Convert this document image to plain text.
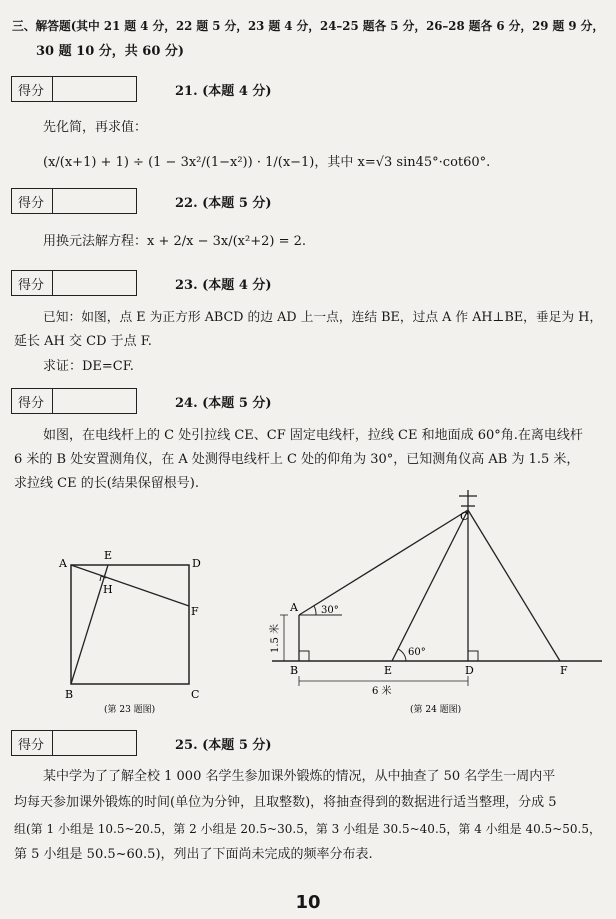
三、解答题(其中 21 题 4 分，22 题 5 分，23 题 4 分，24–25 题各 5 分，26–28 题各 6 分，29 题 9 分，
30 题 10 分，共 60 分)
得分	21. (本题 4 分)
先化简，再求值：
(x/(x+1) + 1) ÷ (1 − 3x²/(1−x²)) · 1/(x−1)，其中 x=√3 sin45°·cot60°.
得分	22. (本题 5 分)
用换元法解方程：x + 2/x − 3x/(x²+2) = 2.
得分	23. (本题 4 分)
已知：如图，点 E 为正方形 ABCD 的边 AD 上一点，连结 BE，过点 A 作 AH⊥BE，垂足为 H，
延长 AH 交 CD 于点 F.
求证：DE=CF.
得分	24. (本题 5 分)
如图，在电线杆上的 C 处引拉线 CE、CF 固定电线杆，拉线 CE 和地面成 60°角.在离电线杆
6 米的 B 处安置测角仪，在 A 处测得电线杆上 C 处的仰角为 30°，已知测角仪高 AB 为 1.5 米，
求拉线 CE 的长(结果保留根号).
A
E
D
H
F
B	C
(第 23 题图)
1.5 米
6 米
C
A 30°
B	E
60°
D	F
(第 24 题图)
得分	25. (本题 5 分)
某中学为了了解全校 1 000 名学生参加课外锻炼的情况，从中抽查了 50 名学生一周内平
均每天参加课外锻炼的时间(单位为分钟，且取整数)，将抽查得到的数据进行适当整理，分成 5
组(第 1 小组是 10.5~20.5，第 2 小组是 20.5~30.5，第 3 小组是 30.5~40.5，第 4 小组是 40.5~50.5，
第 5 小组是 50.5~60.5)，列出了下面尚未完成的频率分布表.
10
